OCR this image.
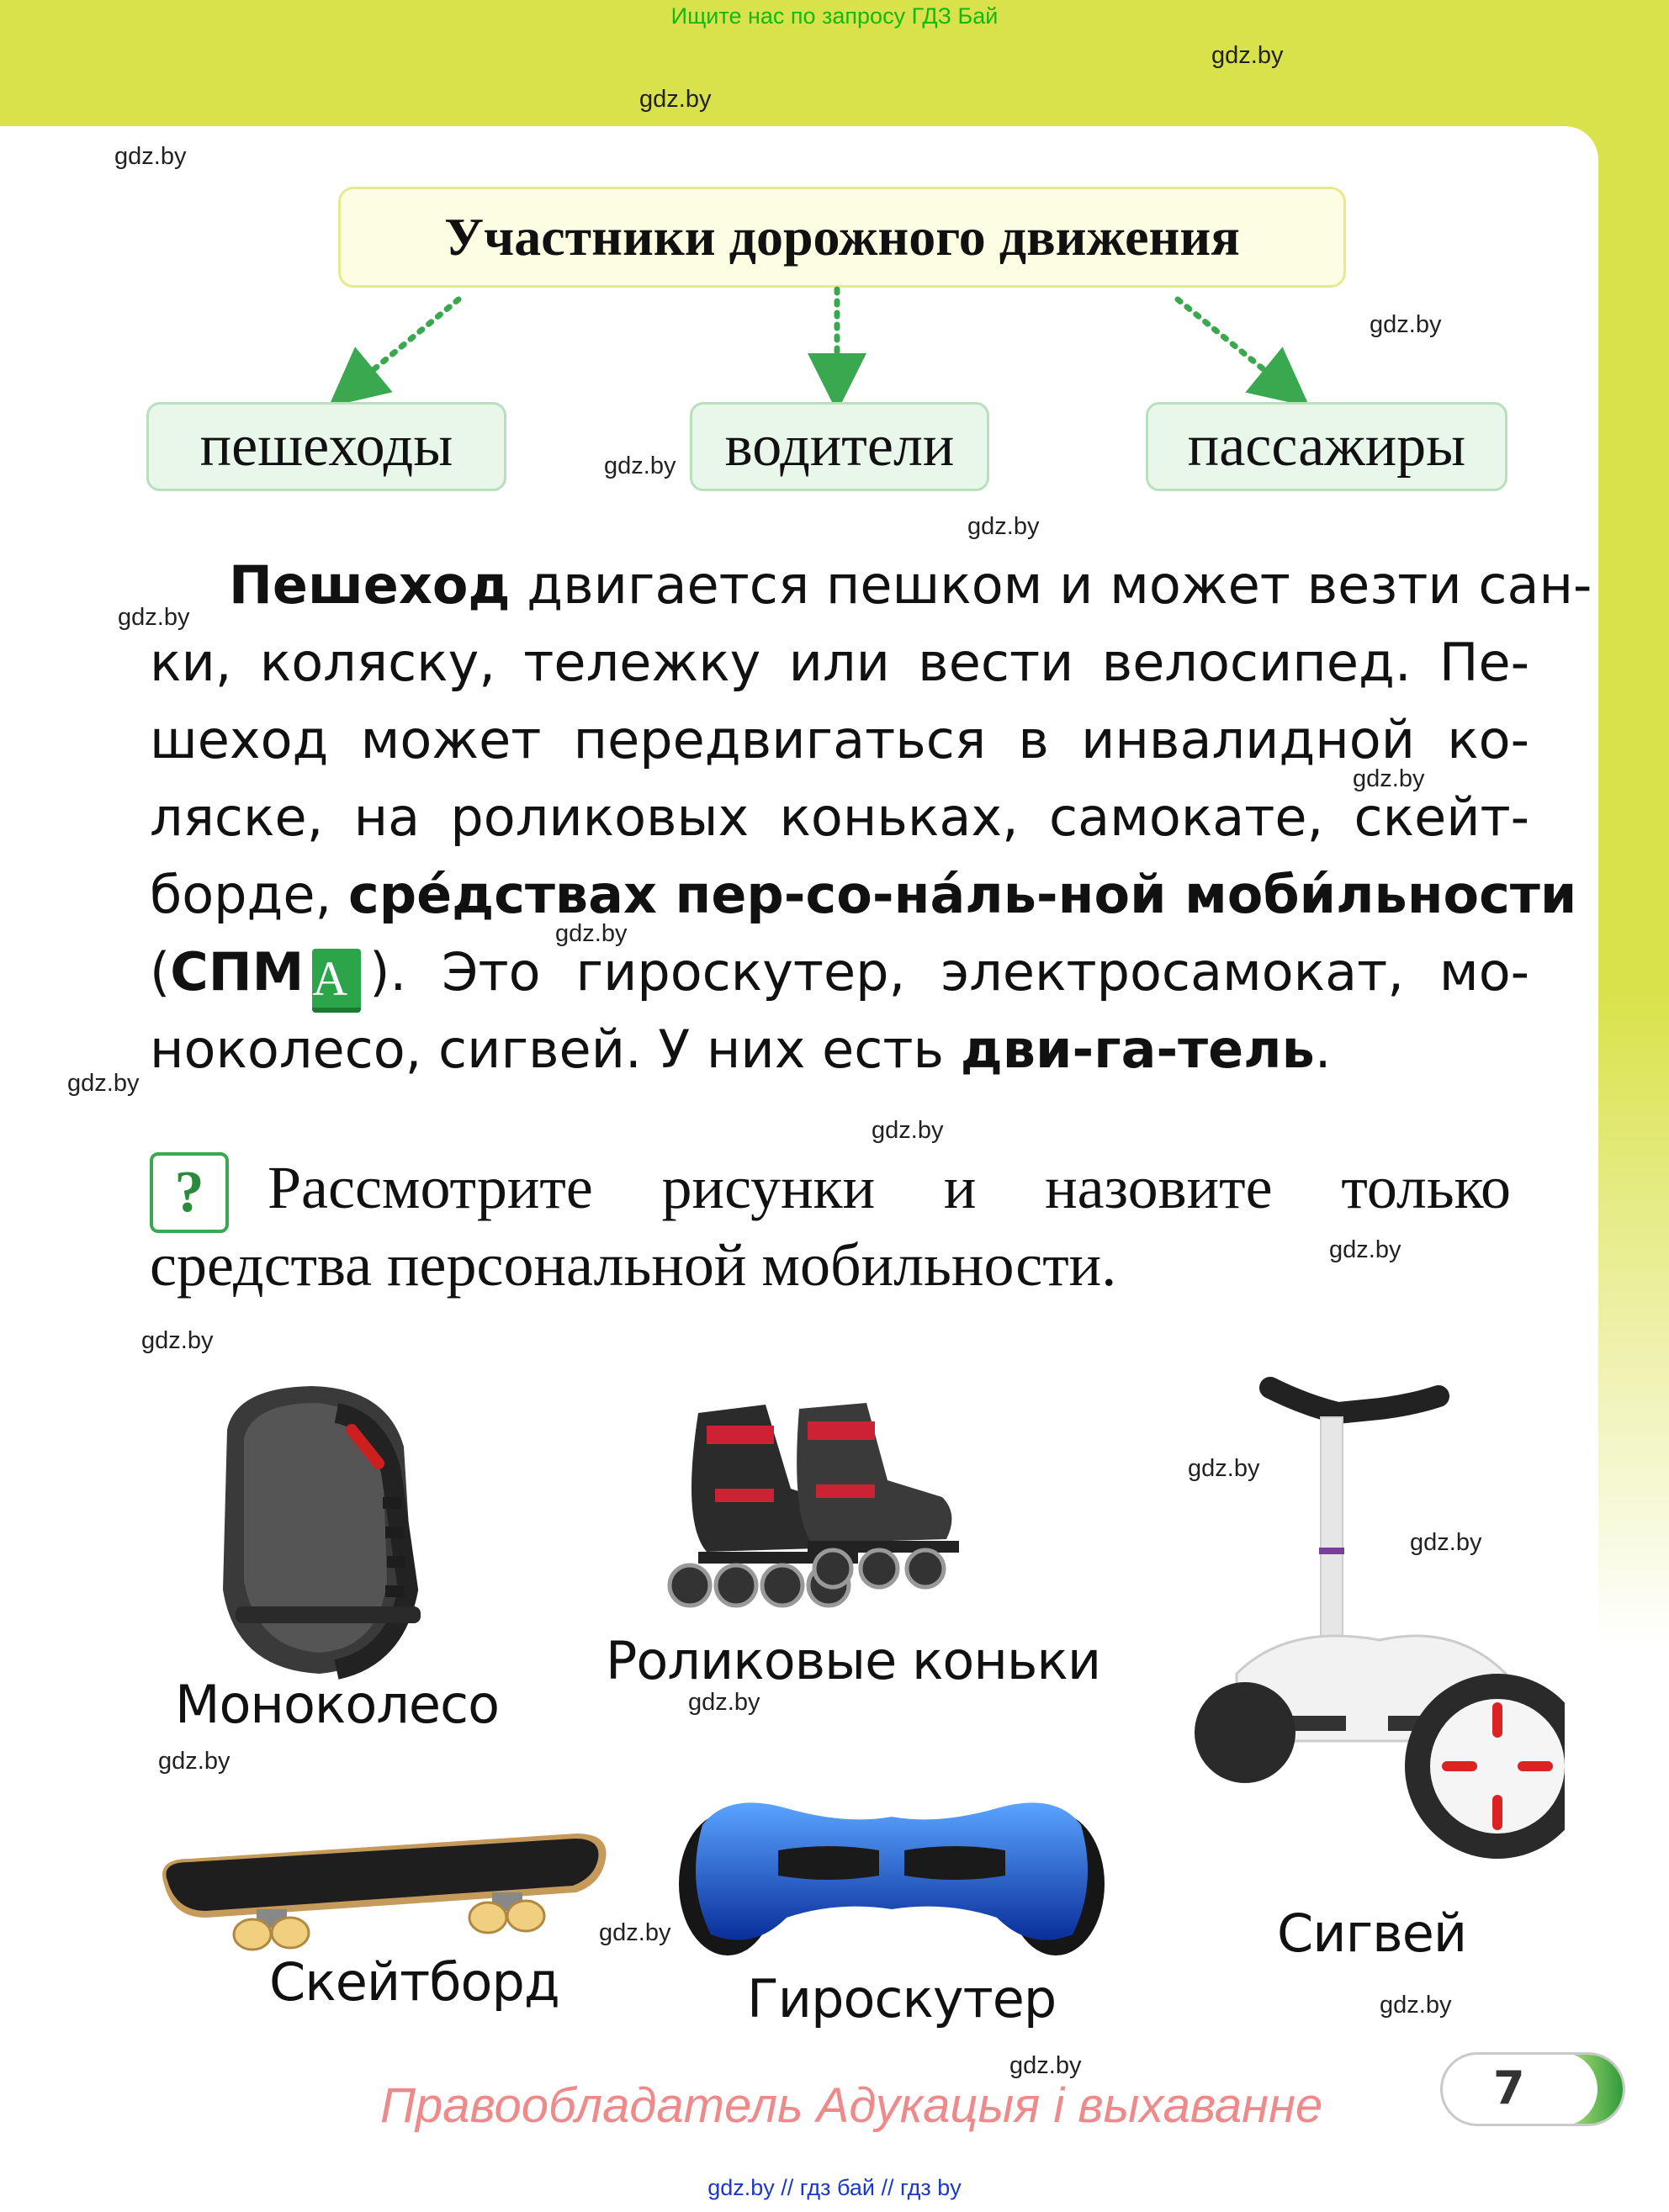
Ищите нас по запросу ГДЗ Бай
gdz.by
gdz.by
gdz.by
gdz.by
gdz.by
gdz.by
gdz.by
gdz.by
gdz.by
gdz.by
gdz.by
gdz.by
gdz.by
gdz.by
gdz.by
gdz.by
gdz.by
gdz.by
gdz.by
gdz.by
Участники дорожного движения
пешеходы	водители	пассажиры
Пешеход двигается пешком и может везти сан-
ки, коляску, тележку или вести велосипед. Пе-
шеход может передвигаться в инвалидной ко-
ляске, на роликовых коньках, самокате, скейт-
борде, сре́дствах пер-со-на́ль-ной моби́льности
(СПМ А ). Это гироскутер, электросамокат, мо-
ноколесо, сигвей. У них есть дви-га-тель.
Рассмотрите рисунки и назовите только
средства персональной мобильности.
?
Моноколесо
Роликовые коньки
Сигвей
Скейтборд	Гироскутер
Правообладатель Адукацыя і выхаванне	7
gdz.by // гдз бай // гдз by
